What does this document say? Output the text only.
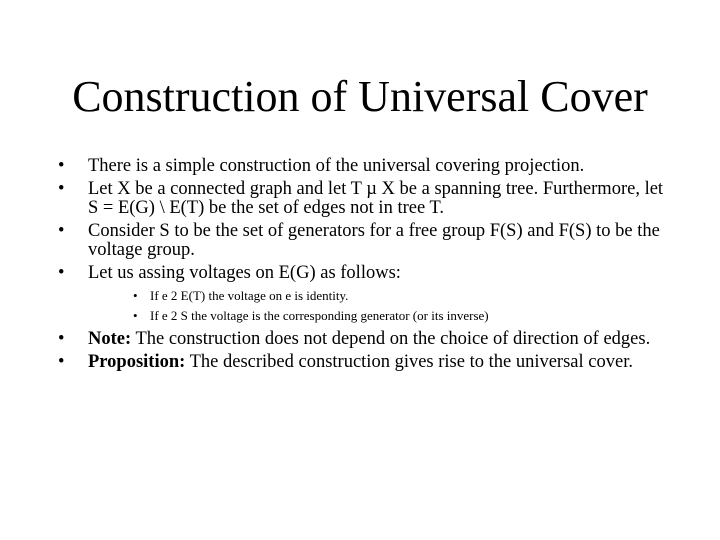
Construction of Universal Cover
• There is a simple construction of the universal covering projection.
• Let X be a connected graph and let T µ X be a spanning tree. Furthermore, let S = E(G) \ E(T) be the set of edges not in tree T.
• Consider S to be the set of generators for a free group F(S) and F(S) to be the voltage group.
• Let us assing voltages on E(G) as follows:
• If e 2 E(T) the voltage on e is identity.
• If e 2 S the voltage is the corresponding generator (or its inverse)
• Note: The construction does not depend on the choice of direction of edges.
• Proposition: The described construction gives rise to the universal cover.
